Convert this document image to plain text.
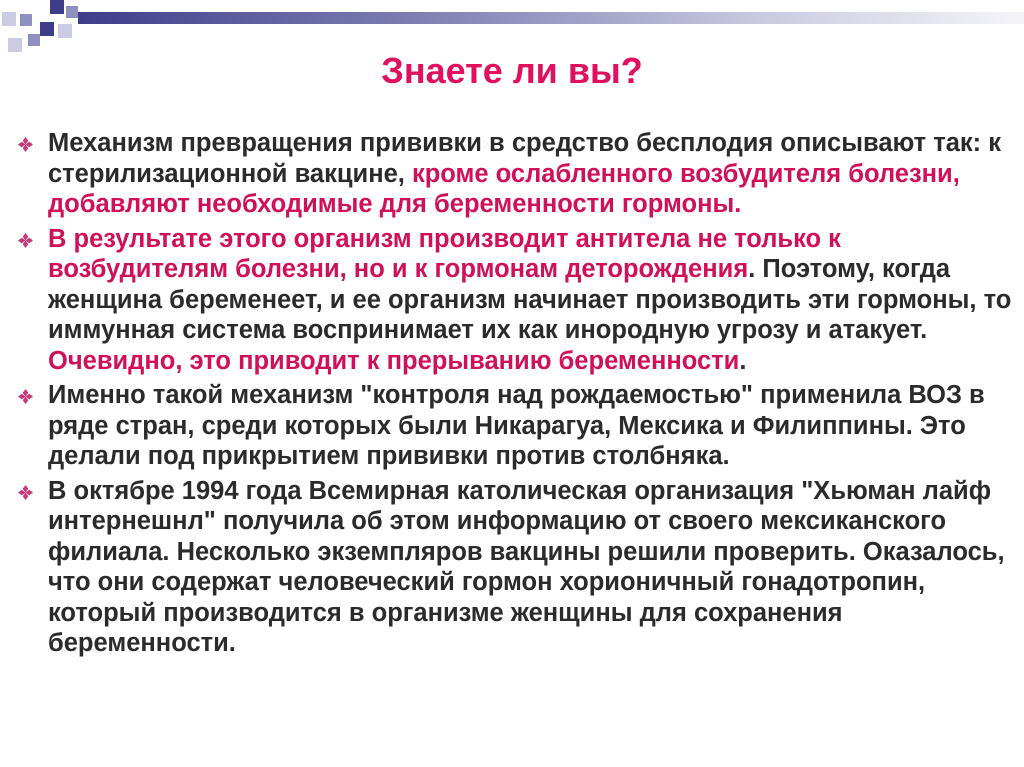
Знаете ли вы?
Механизм превращения прививки в средство бесплодия описывают так: к стерилизационной вакцине, кроме ослабленного возбудителя болезни, добавляют необходимые для беременности гормоны.
В результате этого организм производит антитела не только к возбудителям болезни, но и к гормонам деторождения. Поэтому, когда женщина беременеет, и ее организм начинает производить эти гормоны, то иммунная система воспринимает их как инородную угрозу и атакует. Очевидно, это приводит к прерыванию беременности.
Именно такой механизм "контроля над рождаемостью" применила ВОЗ в ряде стран, среди которых были Никарагуа, Мексика и Филиппины. Это делали под прикрытием прививки против столбняка.
В октябре 1994 года Всемирная католическая организация "Хьюман лайф интернешнл" получила об этом информацию от своего мексиканского филиала. Несколько экземпляров вакцины решили проверить. Оказалось, что они содержат человеческий гормон хорионичный гонадотропин, который производится в организме женщины для сохранения беременности.
